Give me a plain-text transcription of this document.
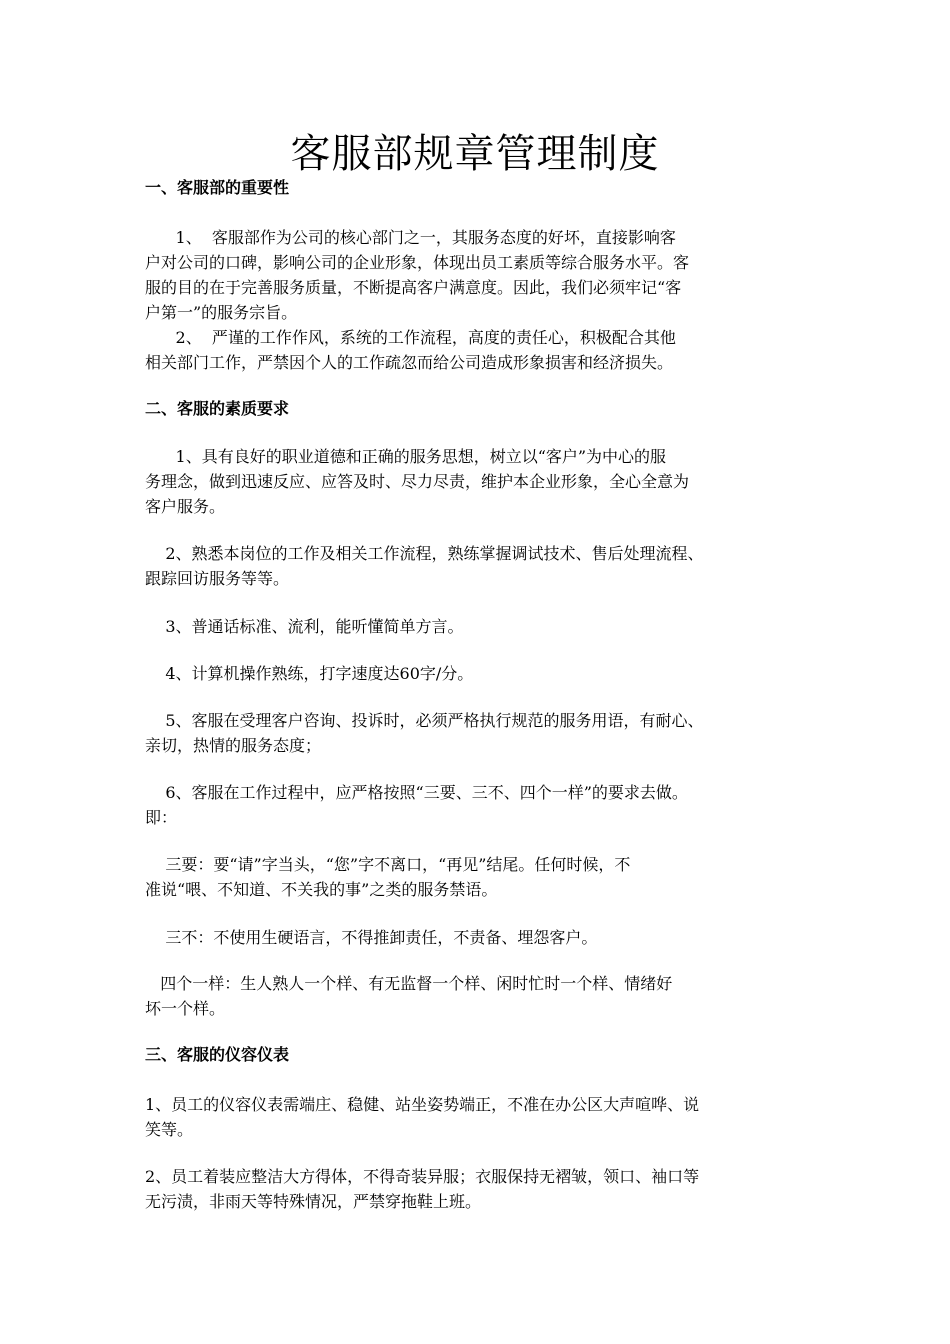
客服部规章管理制度
一、客服部的重要性

1、  客服部作为公司的核心部门之一，其服务态度的好坏，直接影响客
户对公司的口碑，影响公司的企业形象，体现出员工素质等综合服务水平。客
服的目的在于完善服务质量，不断提高客户满意度。因此，我们必须牢记“客
户第一”的服务宗旨。

2、  严谨的工作作风，系统的工作流程，高度的责任心，积极配合其他
相关部门工作，严禁因个人的工作疏忽而给公司造成形象损害和经济损失。

二、客服的素质要求

1、具有良好的职业道德和正确的服务思想，树立以“客户”为中心的服
务理念，做到迅速反应、应答及时、尽力尽责，维护本企业形象，全心全意为
客户服务。

2、熟悉本岗位的工作及相关工作流程，熟练掌握调试技术、售后处理流程、
跟踪回访服务等等。

3、普通话标准、流利，能听懂简单方言。

4、计算机操作熟练，打字速度达60字/分。

5、客服在受理客户咨询、投诉时，必须严格执行规范的服务用语，有耐心、
亲切，热情的服务态度；

6、客服在工作过程中，应严格按照“三要、三不、四个一样”的要求去做。
即：

三要：要“请”字当头，“您”字不离口，“再见”结尾。任何时候，不
准说“喂、不知道、不关我的事”之类的服务禁语。

三不：不使用生硬语言，不得推卸责任，不责备、埋怨客户。

四个一样：生人熟人一个样、有无监督一个样、闲时忙时一个样、情绪好
坏一个样。

三、客服的仪容仪表

1、员工的仪容仪表需端庄、稳健、站坐姿势端正，不准在办公区大声喧哗、说
笑等。

2、员工着装应整洁大方得体，不得奇装异服；衣服保持无褶皱，领口、袖口等
无污渍，非雨天等特殊情况，严禁穿拖鞋上班。
